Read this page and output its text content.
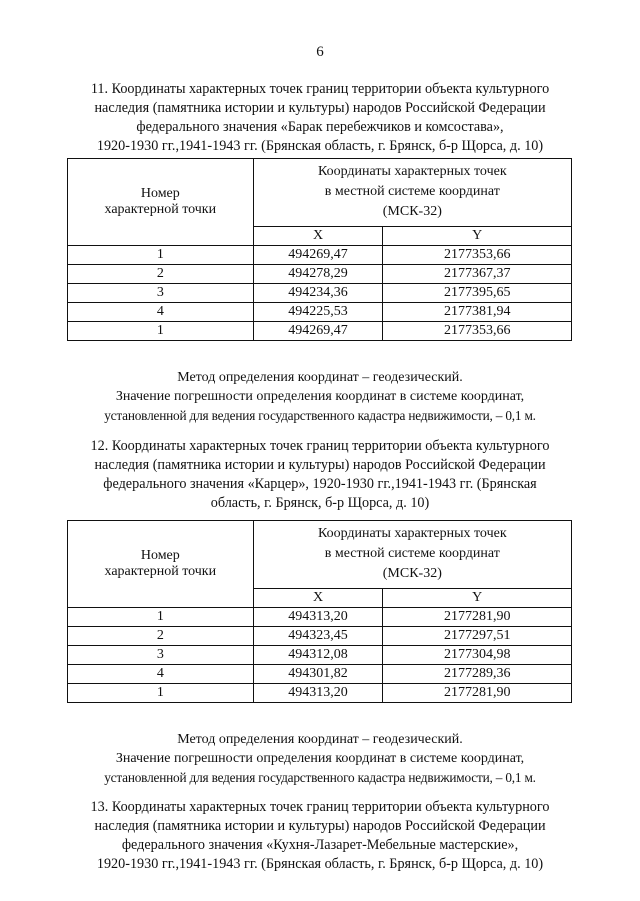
6
11. Координаты характерных точек границ территории объекта культурного
наследия (памятника истории и культуры) народов Российской Федерации
федерального значения «Барак перебежчиков и комсостава»,
1920-1930 гг.,1941-1943 гг. (Брянская область, г. Брянск, б-р Щорса, д. 10)
Номер
характерной точки	Координаты характерных точек
в местной системе координат
(МСК-32)	

	X	Y
1	494269,47	2177353,66
2	494278,29	2177367,37
3	494234,36	2177395,65
4	494225,53	2177381,94
1	494269,47	2177353,66
Метод определения координат – геодезический.
Значение погрешности определения координат в системе координат,
установленной для ведения государственного кадастра недвижимости, – 0,1 м.
12. Координаты характерных точек границ территории объекта культурного
наследия (памятника истории и культуры) народов Российской Федерации
федерального значения «Карцер», 1920-1930 гг.,1941-1943 гг. (Брянская
область, г. Брянск, б-р Щорса, д. 10)
Номер
характерной точки	Координаты характерных точек
в местной системе координат
(МСК-32)	

	X	Y
1	494313,20	2177281,90
2	494323,45	2177297,51
3	494312,08	2177304,98
4	494301,82	2177289,36
1	494313,20	2177281,90
Метод определения координат – геодезический.
Значение погрешности определения координат в системе координат,
установленной для ведения государственного кадастра недвижимости, – 0,1 м.
13. Координаты характерных точек границ территории объекта культурного
наследия (памятника истории и культуры) народов Российской Федерации
федерального значения «Кухня-Лазарет-Мебельные мастерские»,
1920-1930 гг.,1941-1943 гг. (Брянская область, г. Брянск, б-р Щорса, д. 10)
